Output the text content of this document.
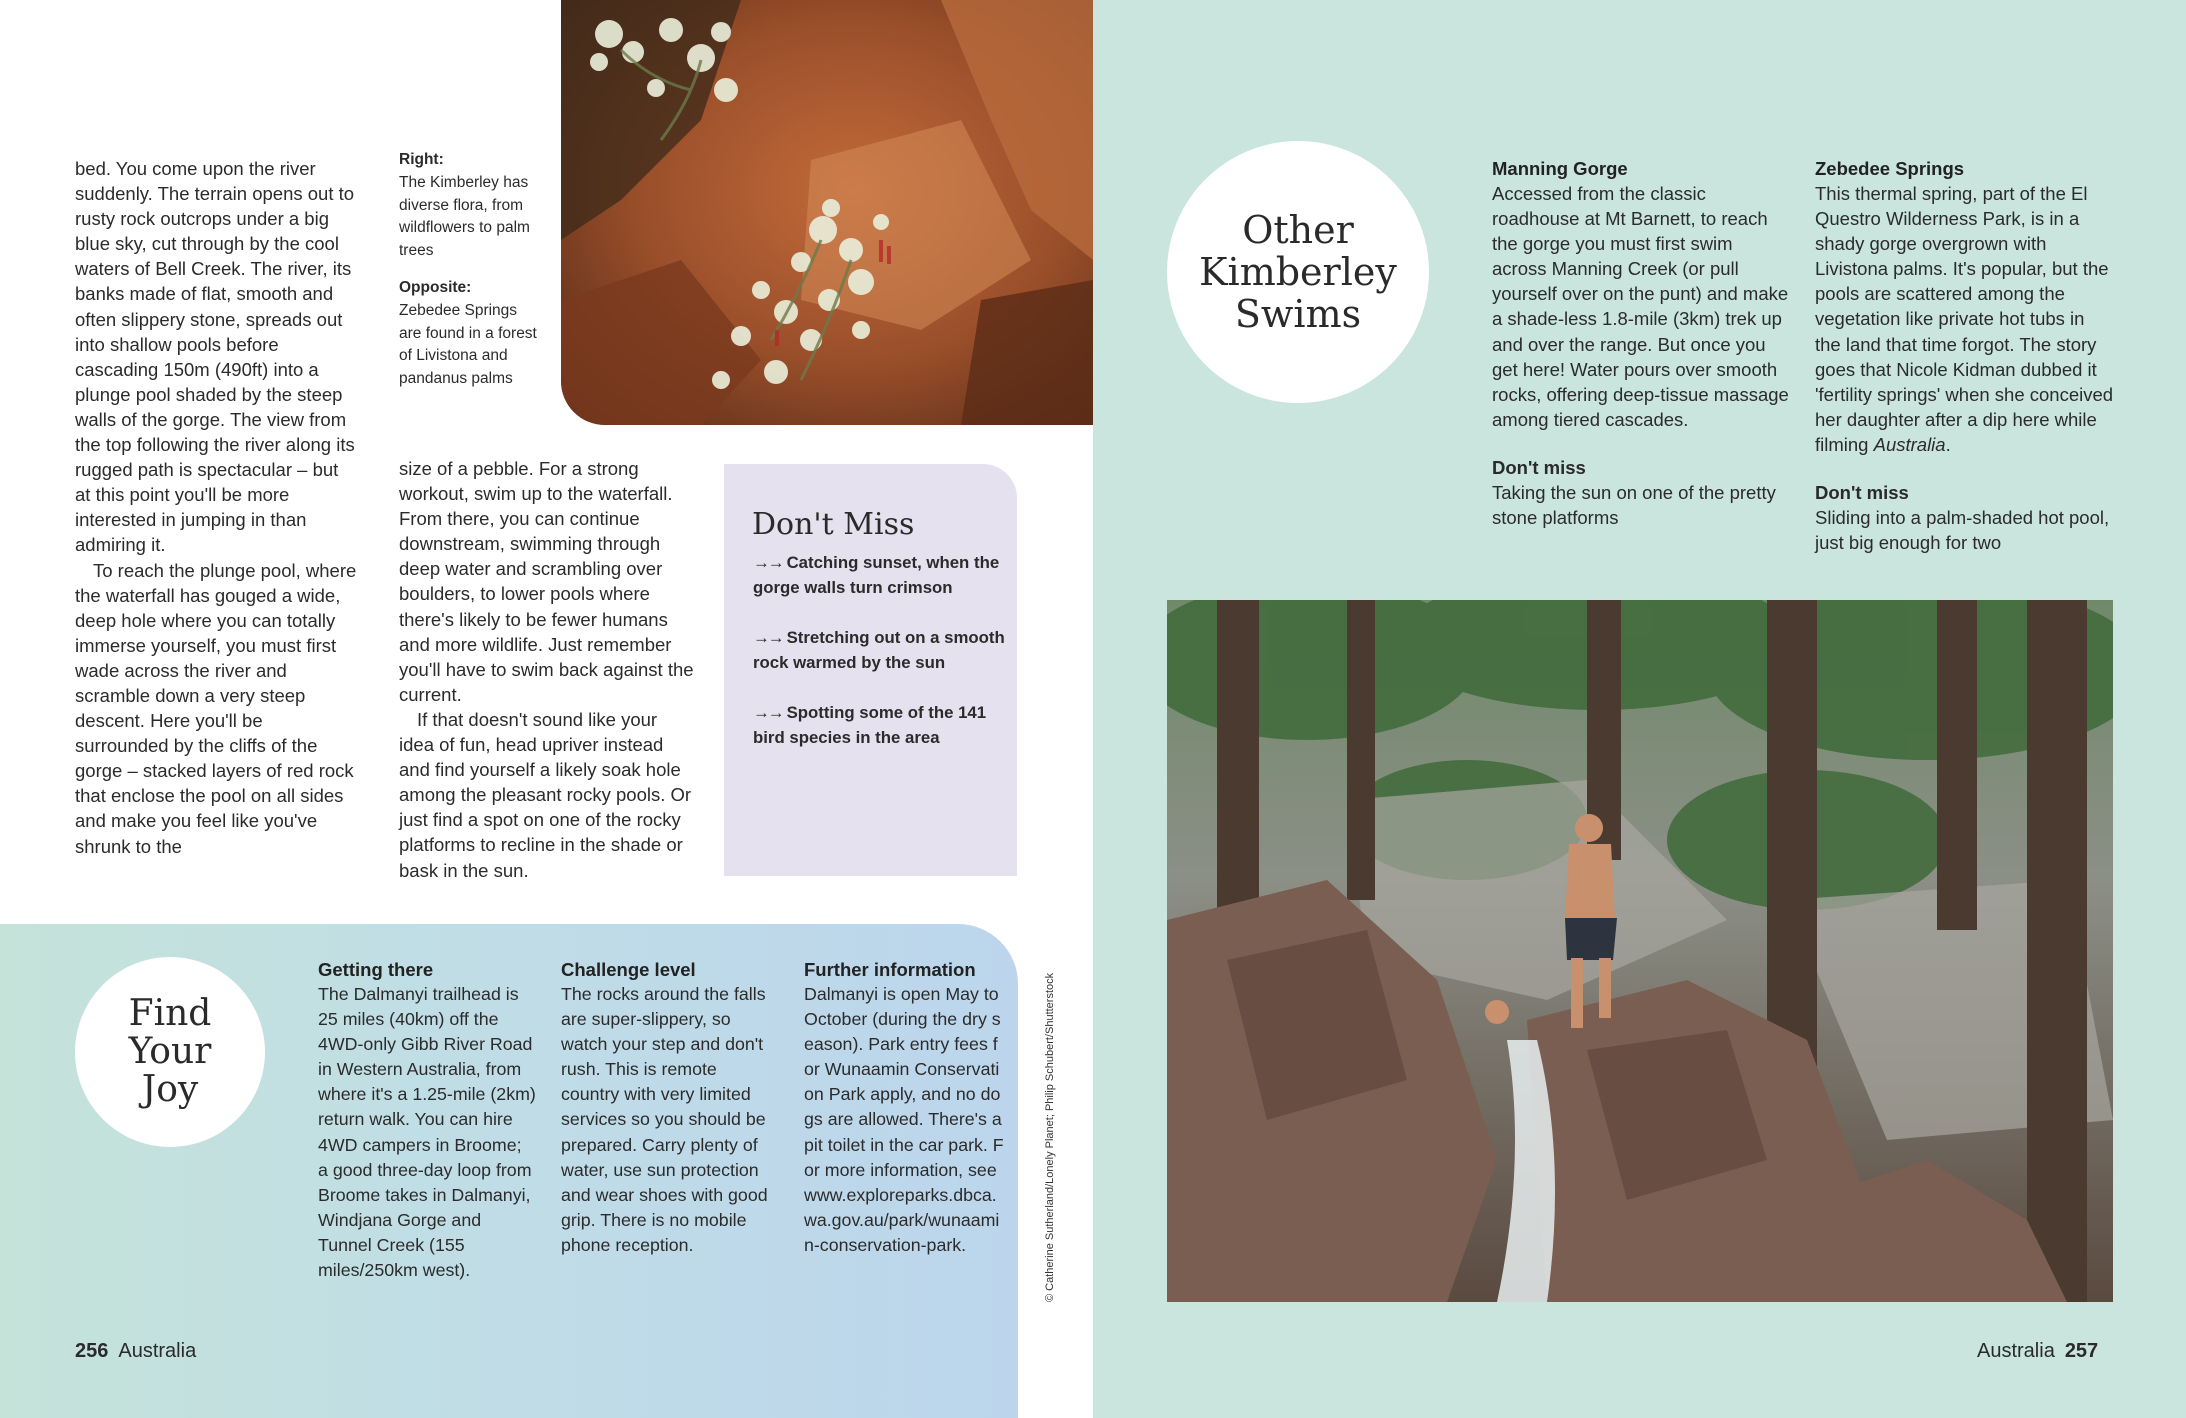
bed. You come upon the river suddenly. The terrain opens out to rusty rock outcrops under a big blue sky, cut through by the cool waters of Bell Creek. The river, its banks made of flat, smooth and often slippery stone, spreads out into shallow pools before cascading 150m (490ft) into a plunge pool shaded by the steep walls of the gorge. The view from the top following the river along its rugged path is spectacular – but at this point you'll be more interested in jumping in than admiring it.

To reach the plunge pool, where the waterfall has gouged a wide, deep hole where you can totally immerse yourself, you must first wade across the river and scramble down a very steep descent. Here you'll be surrounded by the cliffs of the gorge – stacked layers of red rock that enclose the pool on all sides and make you feel like you've shrunk to the

Right:
The Kimberley has diverse flora, from wildflowers to palm trees
Opposite:
Zebedee Springs are found in a forest of Livistona and pandanus palms

size of a pebble. For a strong workout, swim up to the waterfall. From there, you can continue downstream, swimming through deep water and scrambling over boulders, to lower pools where there's likely to be fewer humans and more wildlife. Just remember you'll have to swim back against the current.

If that doesn't sound like your idea of fun, head upriver instead and find yourself a likely soak hole among the pleasant rocky pools. Or just find a spot on one of the rocky platforms to recline in the shade or bask in the sun.

Don't Miss
→→ Catching sunset, when the gorge walls turn crimson
→→ Stretching out on a smooth rock warmed by the sun
→→ Spotting some of the 141 bird species in the area
Find Your Joy
Getting there
The Dalmanyi trailhead is 25 miles (40km) off the 4WD-only Gibb River Road in Western Australia, from where it's a 1.25-mile (2km) return walk. You can hire 4WD campers in Broome; a good three-day loop from Broome takes in Dalmanyi, Windjana Gorge and Tunnel Creek (155 miles/250km west).
Challenge level
The rocks around the falls are super-slippery, so watch your step and don't rush. This is remote country with very limited services so you should be prepared. Carry plenty of water, use sun protection and wear shoes with good grip. There is no mobile phone reception.
Further information
Dalmanyi is open May to October (during the dry season). Park entry fees for Wunaamin Conservation Park apply, and no dogs are allowed. There's a pit toilet in the car park. For more information, see www.exploreparks.dbca.wa.gov.au/park/wunaamin-conservation-park.	© Catherine Sutherland/Lonely Planet; Philip Schubert/Shutterstock
256 Australia
Other Kimberley Swims
Manning Gorge
Accessed from the classic roadhouse at Mt Barnett, to reach the gorge you must first swim across Manning Creek (or pull yourself over on the punt) and make a shade-less 1.8-mile (3km) trek up and over the range. But once you get here! Water pours over smooth rocks, offering deep-tissue massage among tiered cascades.
Don't miss
Taking the sun on one of the pretty stone platforms
Zebedee Springs
This thermal spring, part of the El Questro Wilderness Park, is in a shady gorge overgrown with Livistona palms. It's popular, but the pools are scattered among the vegetation like private hot tubs in the land that time forgot. The story goes that Nicole Kidman dubbed it 'fertility springs' when she conceived her daughter after a dip here while filming Australia.
Don't miss
Sliding into a palm-shaded hot pool, just big enough for two
Australia 257
